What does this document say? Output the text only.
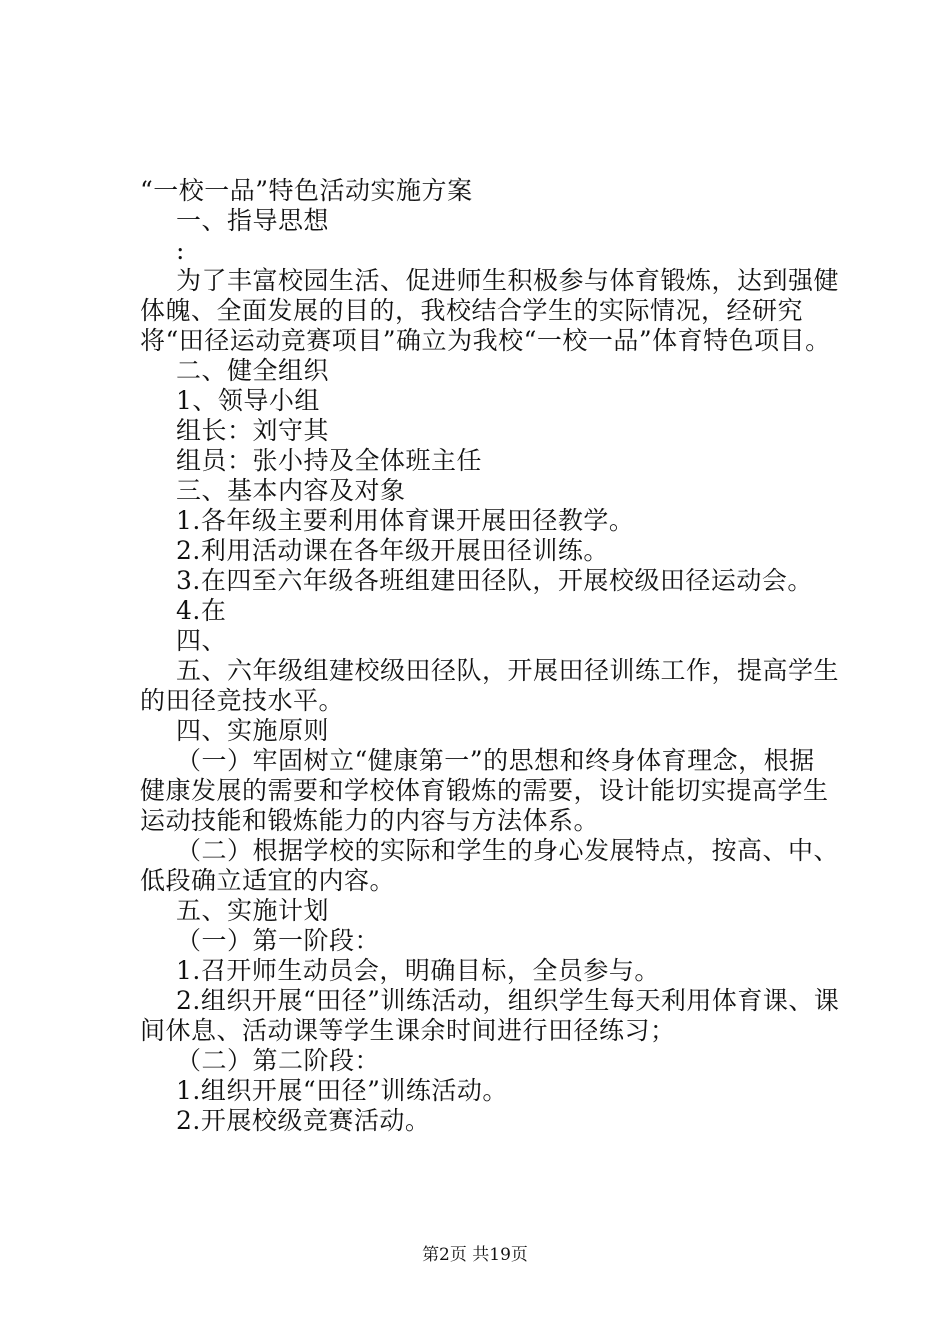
“一校一品”特色活动实施方案
一、指导思想
:
为了丰富校园生活、促进师生积极参与体育锻炼，达到强健体魄、全面发展的目的，我校结合学生的实际情况，经研究将“田径运动竞赛项目”确立为我校“一校一品”体育特色项目。
二、健全组织
1、领导小组
组长：刘守其
组员：张小持及全体班主任
三、基本内容及对象
1.各年级主要利用体育课开展田径教学。
2.利用活动课在各年级开展田径训练。
3.在四至六年级各班组建田径队，开展校级田径运动会。
4.在
四、
五、六年级组建校级田径队，开展田径训练工作，提高学生的田径竞技水平。
四、实施原则
（一）牢固树立“健康第一”的思想和终身体育理念，根据健康发展的需要和学校体育锻炼的需要，设计能切实提高学生运动技能和锻炼能力的内容与方法体系。
（二）根据学校的实际和学生的身心发展特点，按高、中、低段确立适宜的内容。
五、实施计划
（一）第一阶段：
1.召开师生动员会，明确目标，全员参与。
2.组织开展“田径”训练活动，组织学生每天利用体育课、课间休息、活动课等学生课余时间进行田径练习；
（二）第二阶段：
1.组织开展“田径”训练活动。
2.开展校级竞赛活动。
第2页 共19页
